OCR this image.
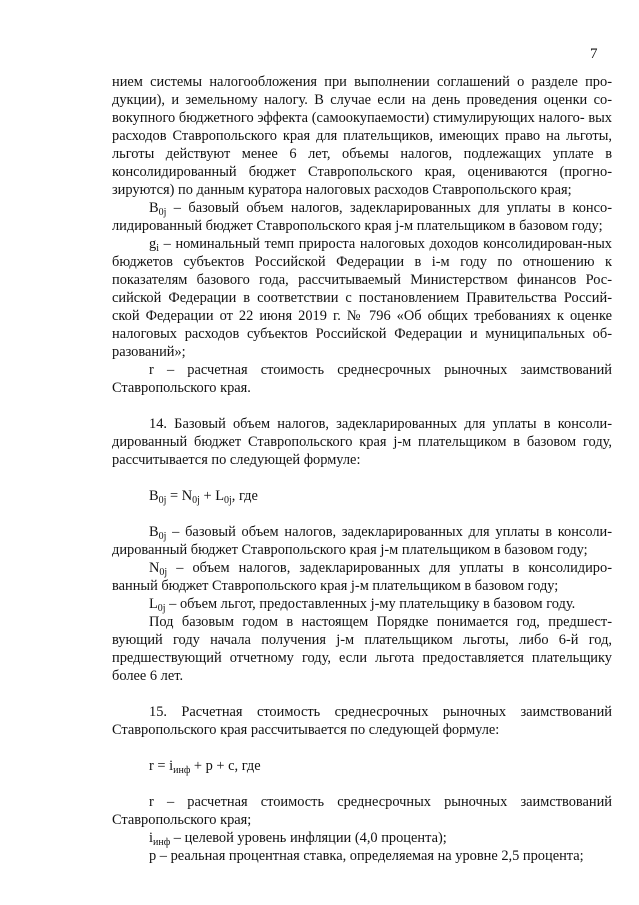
7

нием системы налогообложения при выполнении соглашений о разделе про- дукции), и земельному налогу. В случае если на день проведения оценки со- вокупного бюджетного эффекта (самоокупаемости) стимулирующих налого- вых расходов Ставропольского края для плательщиков, имеющих право на льготы, льготы действуют менее 6 лет, объемы налогов, подлежащих уплате в консолидированный бюджет Ставропольского края, оцениваются (прогно- зируются) по данным куратора налоговых расходов Ставропольского края;

$B_{0j}$ – базовый объем налогов, задекларированных для уплаты в консо-лидированный бюджет Ставропольского края j-м плательщиком в базовом году;

$g_i$ – номинальный темп прироста налоговых доходов консолидирован-ных бюджетов субъектов Российской Федерации в i-м году по отношению к показателям базового года, рассчитываемый Министерством финансов Рос-сийской Федерации в соответствии с постановлением Правительства Россий-ской Федерации от 22 июня 2019 г. № 796 «Об общих требованиях к оценке налоговых расходов субъектов Российской Федерации и муниципальных об-разований»;

r – расчетная стоимость среднесрочных рыночных заимствований Ставропольского края.

14. Базовый объем налогов, задекларированных для уплаты в консоли-дированный бюджет Ставропольского края j-м плательщиком в базовом году, рассчитывается по следующей формуле:

$B_{0j} = N_{0j} + L_{0j}$, где

$B_{0j}$ – базовый объем налогов, задекларированных для уплаты в консоли-дированный бюджет Ставропольского края j-м плательщиком в базовом году;

$N_{0j}$ – объем налогов, задекларированных для уплаты в консолидиро-ванный бюджет Ставропольского края j-м плательщиком в базовом году;

$L_{0j}$ – объем льгот, предоставленных j-му плательщику в базовом году.

Под базовым годом в настоящем Порядке понимается год, предшест-вующий году начала получения j-м плательщиком льготы, либо 6-й год, предшествующий отчетному году, если льгота предоставляется плательщику более 6 лет.

15. Расчетная стоимость среднесрочных рыночных заимствований Ставропольского края рассчитывается по следующей формуле:

$r = i_{инф} + p + c$, где

r – расчетная стоимость среднесрочных рыночных заимствований Ставропольского края;

$i_{инф}$ – целевой уровень инфляции (4,0 процента);

p – реальная процентная ставка, определяемая на уровне 2,5 процента;
